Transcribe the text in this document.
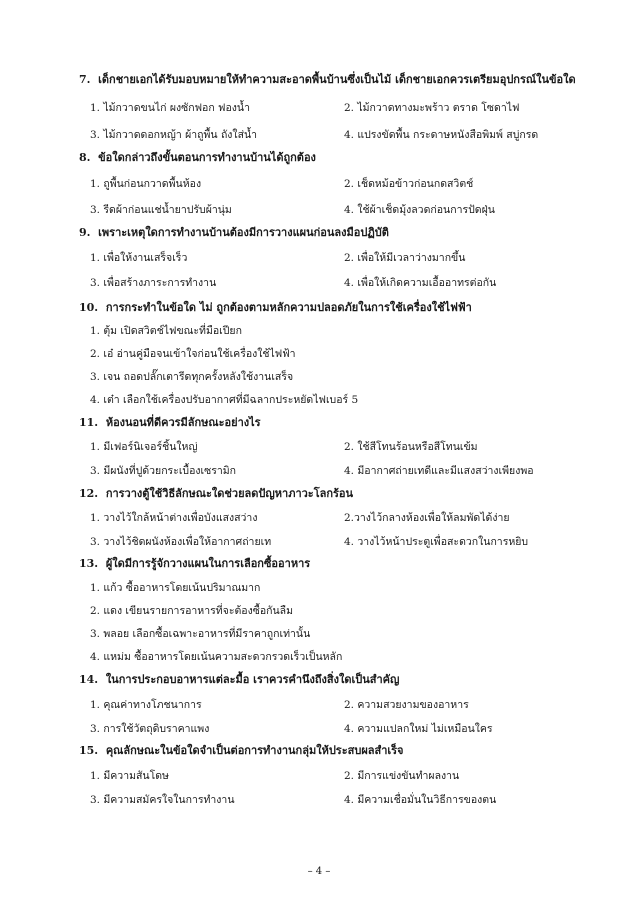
7. เด็กชายเอกได้รับมอบหมายให้ทำความสะอาดพื้นบ้านซึ่งเป็นไม้ เด็กชายเอกควรเตรียมอุปกรณ์ในข้อใด
1. ไม้กวาดขนไก่ ผงซักฟอก ฟองน้ำ	2. ไม้กวาดทางมะพร้าว ตราด โซดาไฟ
3. ไม้กวาดดอกหญ้า ผ้าถูพื้น ถังใส่น้ำ	4. แปรงขัดพื้น กระดาษหนังสือพิมพ์ สบู่กรด
8. ข้อใดกล่าวถึงขั้นตอนการทำงานบ้านได้ถูกต้อง
1. ถูพื้นก่อนกวาดพื้นห้อง	2. เช็ดหม้อข้าวก่อนกดสวิตช์
3. รีดผ้าก่อนแช่น้ำยาปรับผ้านุ่ม	4. ใช้ผ้าเช็ดมุ้งลวดก่อนการปัดฝุ่น
9. เพราะเหตุใดการทำงานบ้านต้องมีการวางแผนก่อนลงมือปฏิบัติ
1. เพื่อให้งานเสร็จเร็ว	2. เพื่อให้มีเวลาว่างมากขึ้น
3. เพื่อสร้างภาระการทำงาน	4. เพื่อให้เกิดความเอื้ออาทรต่อกัน
10. การกระทำในข้อใด ไม่ ถูกต้องตามหลักความปลอดภัยในการใช้เครื่องใช้ไฟฟ้า
1. ตุ้ม เปิดสวิตช์ไฟขณะที่มือเปียก
2. เอ๋ อ่านคู่มือจนเข้าใจก่อนใช้เครื่องใช้ไฟฟ้า
3. เจน ถอดปลั๊กเตารีดทุกครั้งหลังใช้งานเสร็จ
4. เต๋า เลือกใช้เครื่องปรับอากาศที่มีฉลากประหยัดไฟเบอร์ 5
11. ห้องนอนที่ดีควรมีลักษณะอย่างไร
1. มีเฟอร์นิเจอร์ชิ้นใหญ่	2. ใช้สีโทนร้อนหรือสีโทนเข้ม
3. มีผนังที่ปูด้วยกระเบื้องเซรามิก	4. มีอากาศถ่ายเทดีและมีแสงสว่างเพียงพอ
12. การวางตู้ใช้วิธีลักษณะใดช่วยลดปัญหาภาวะโลกร้อน
1. วางไว้ใกล้หน้าต่างเพื่อบังแสงสว่าง	2.วางไว้กลางห้องเพื่อให้ลมพัดได้ง่าย
3. วางไว้ชิดผนังห้องเพื่อให้อากาศถ่ายเท	4. วางไว้หน้าประตูเพื่อสะดวกในการหยิบ
13. ผู้ใดมีการรู้จักวางแผนในการเลือกซื้ออาหาร
1. แก้ว ซื้ออาหารโดยเน้นปริมาณมาก
2. แดง เขียนรายการอาหารที่จะต้องซื้อกันลืม
3. พลอย เลือกซื้อเฉพาะอาหารที่มีราคาถูกเท่านั้น
4. แหม่ม ซื้ออาหารโดยเน้นความสะดวกรวดเร็วเป็นหลัก
14. ในการประกอบอาหารแต่ละมื้อ เราควรคำนึงถึงสิ่งใดเป็นสำคัญ
1. คุณค่าทางโภชนาการ	2. ความสวยงามของอาหาร
3. การใช้วัตถุดิบราคาแพง	4. ความแปลกใหม่ ไม่เหมือนใคร
15. คุณลักษณะในข้อใดจำเป็นต่อการทำงานกลุ่มให้ประสบผลสำเร็จ
1. มีความสันโดษ	2. มีการแข่งขันทำผลงาน
3. มีความสมัครใจในการทำงาน	4. มีความเชื่อมั่นในวิธีการของตน
– 4 –
